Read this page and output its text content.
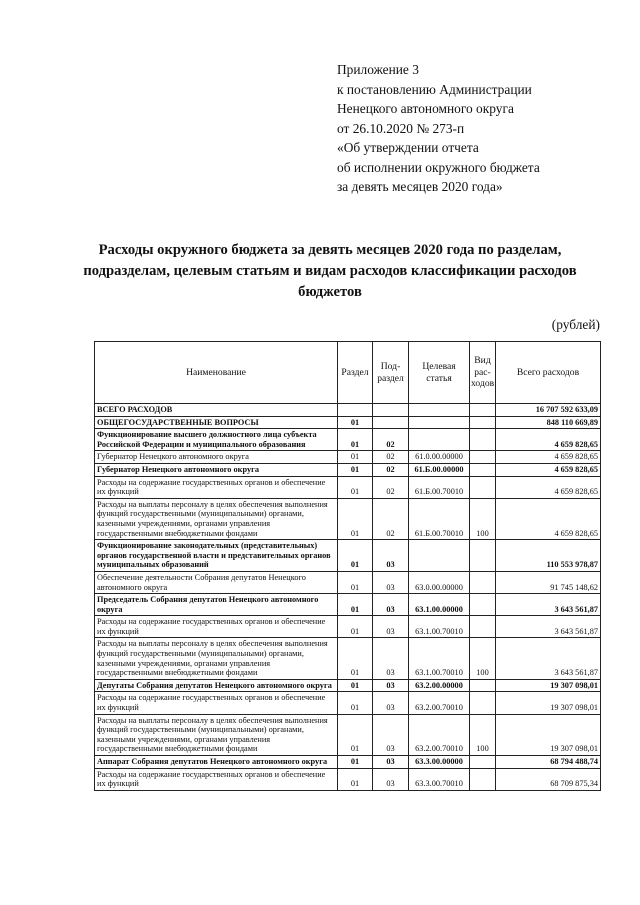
Приложение 3
к постановлению Администрации
Ненецкого автономного округа
от 26.10.2020 № 273-п
«Об утверждении отчета
об исполнении окружного бюджета
за девять месяцев 2020 года»
Расходы окружного бюджета за девять месяцев 2020 года по разделам, подразделам, целевым статьям и видам расходов классификации расходов бюджетов
(рублей)
Наименование	Раздел	Под-раздел	Целевая статья	Вид рас-ходов	Всего расходов
ВСЕГО РАСХОДОВ					16 707 592 633,09
ОБЩЕГОСУДАРСТВЕННЫЕ ВОПРОСЫ	01				848 110 669,89
Функционирование высшего должностного лица субъекта Российской Федерации и муниципального образования	01	02			4 659 828,65
Губернатор Ненецкого автономного округа	01	02	61.0.00.00000		4 659 828,65
Губернатор Ненецкого автономного округа	01	02	61.Б.00.00000		4 659 828,65
Расходы на содержание государственных органов и обеспечение их функций	01	02	61.Б.00.70010		4 659 828,65
Расходы на выплаты персоналу в целях обеспечения выполнения функций государственными (муниципальными) органами, казенными учреждениями, органами управления государственными внебюджетными фондами	01	02	61.Б.00.70010	100	4 659 828,65
Функционирование законодательных (представительных) органов государственной власти и представительных органов муниципальных образований	01	03			110 553 978,87
Обеспечение деятельности Собрания депутатов Ненецкого автономного округа	01	03	63.0.00.00000		91 745 148,62
Председатель Собрания депутатов Ненецкого автономного округа	01	03	63.1.00.00000		3 643 561,87
Расходы на содержание государственных органов и обеспечение их функций	01	03	63.1.00.70010		3 643 561,87
Расходы на выплаты персоналу в целях обеспечения выполнения функций государственными (муниципальными) органами, казенными учреждениями, органами управления государственными внебюджетными фондами	01	03	63.1.00.70010	100	3 643 561,87
Депутаты Собрания депутатов Ненецкого автономного округа	01	03	63.2.00.00000		19 307 098,01
Расходы на содержание государственных органов и обеспечение их функций	01	03	63.2.00.70010		19 307 098,01
Расходы на выплаты персоналу в целях обеспечения выполнения функций государственными (муниципальными) органами, казенными учреждениями, органами управления государственными внебюджетными фондами	01	03	63.2.00.70010	100	19 307 098,01
Аппарат Собрания депутатов Ненецкого автономного округа	01	03	63.3.00.00000		68 794 488,74
Расходы на содержание государственных органов и обеспечение их функций	01	03	63.3.00.70010		68 709 875,34
